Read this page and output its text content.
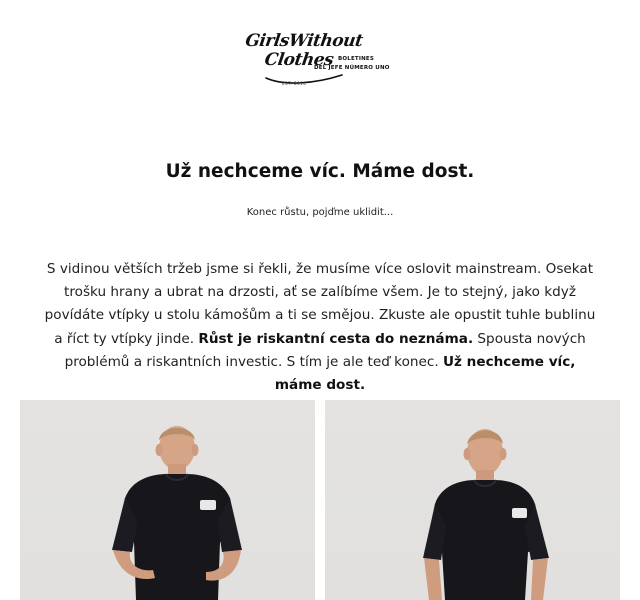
GirlsWithout
Clothes
EST. 2014
BOLETINES
DEL JEFE NÚMERO UNO
Už nechceme víc. Máme dost.
Konec růstu, pojďme uklidit...
S vidinou větších tržeb jsme si řekli, že musíme více oslovit mainstream. Osekat trošku hrany a ubrat na drzosti, ať se zalíbíme všem. Je to stejný, jako když povídáte vtípky u stolu kámošům a ti se smějou. Zkuste ale opustit tuhle bublinu a říct ty vtípky jinde. Růst je riskantní cesta do neznáma. Spousta nových problémů a riskantních investic. S tím je ale teď konec. Už nechceme víc, máme dost.
